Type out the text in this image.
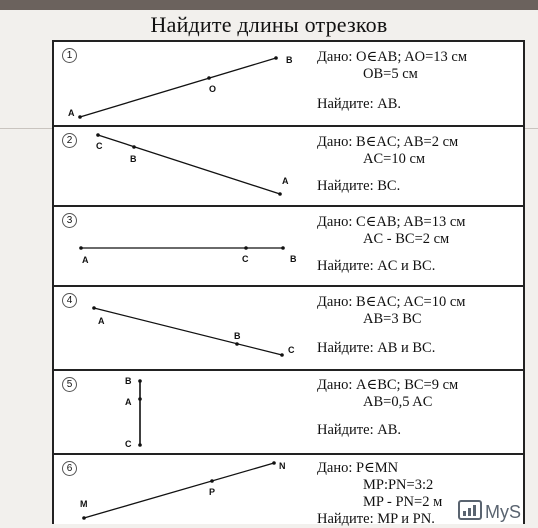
Найдите длины отрезков
1
A
O
B Дано: O∈AB; AO=13 см
OB=5 см
Найдите: AB.
2	C
B
A
Дано: B∈AC; AB=2 см
AC=10 см
Найдите: BC.
3
A	C	B
Дано: C∈AB; AB=13 см
AC - BC=2 см
Найдите: AC и BC.
4
A
B
C
Дано: B∈AC; AC=10 см
AB=3 BC
Найдите: AB и BC.
5	B
A
C
Дано: A∈BC; BC=9 см
AB=0,5 AC
Найдите: AB.
6
M
P
N Дано: P∈MN
MP:PN=3:2
MP - PN=2 м
Найдите: MP и PN.	MyS
